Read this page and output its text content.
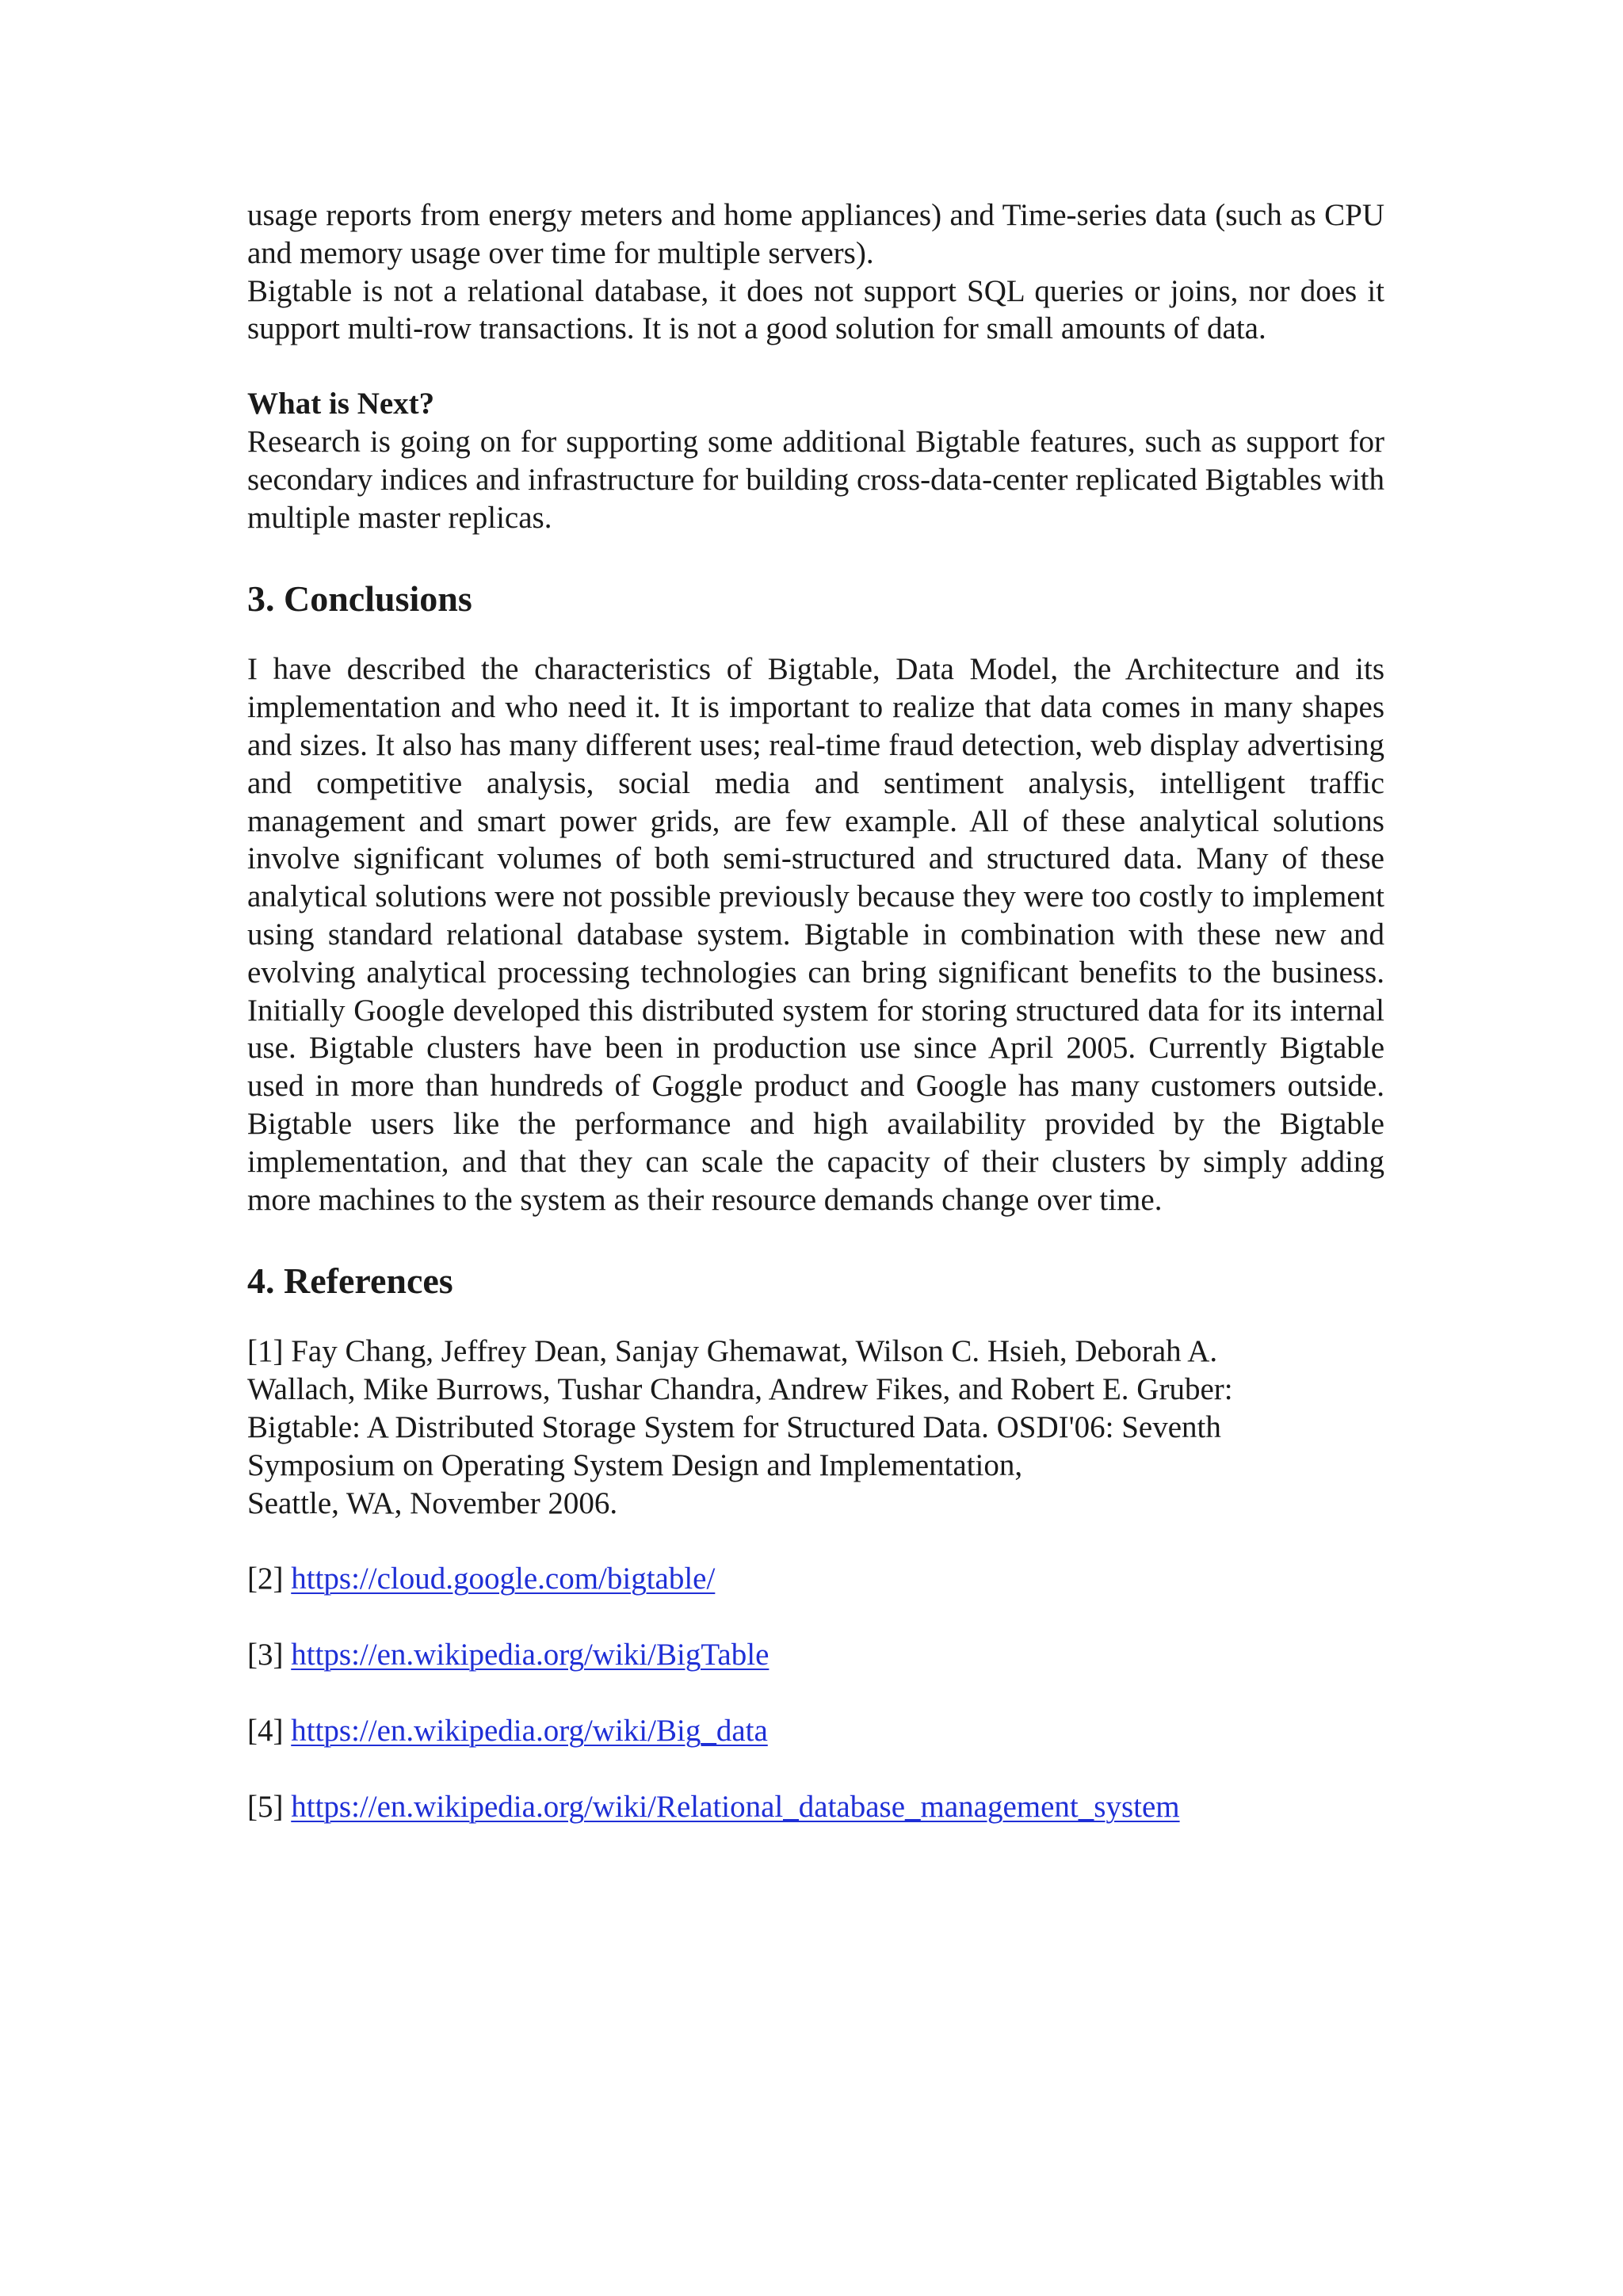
usage reports from energy meters and home appliances) and Time-series data (such as CPU and memory usage over time for multiple servers).

Bigtable is not a relational database, it does not support SQL queries or joins, nor does it support multi-row transactions. It is not a good solution for small amounts of data.

What is Next?

Research is going on for supporting some additional Bigtable features, such as support for secondary indices and infrastructure for building cross-data-center replicated Bigtables with multiple master replicas.

3. Conclusions

I have described the characteristics of Bigtable, Data Model, the Architecture and its implementation and who need it. It is important to realize that data comes in many shapes and sizes. It also has many different uses; real-time fraud detection, web display advertising and competitive analysis, social media and sentiment analysis, intelligent traffic management and smart power grids, are few example. All of these analytical solutions involve significant volumes of both semi-structured and structured data. Many of these analytical solutions were not possible previously because they were too costly to implement using standard relational database system. Bigtable in combination with these new and evolving analytical processing technologies can bring significant benefits to the business. Initially Google developed this distributed system for storing structured data for its internal use. Bigtable clusters have been in production use since April 2005. Currently Bigtable used in more than hundreds of Goggle product and Google has many customers outside. Bigtable users like the performance and high availability provided by the Bigtable implementation, and that they can scale the capacity of their clusters by simply adding more machines to the system as their resource demands change over time.

4. References
[1] Fay Chang, Jeffrey Dean, Sanjay Ghemawat, Wilson C. Hsieh, Deborah A.
Wallach, Mike Burrows, Tushar Chandra, Andrew Fikes, and Robert E. Gruber:
Bigtable: A Distributed Storage System for Structured Data. OSDI'06: Seventh
Symposium on Operating System Design and Implementation,
Seattle, WA, November 2006.

[2] https://cloud.google.com/bigtable/

[3] https://en.wikipedia.org/wiki/BigTable

[4] https://en.wikipedia.org/wiki/Big_data

[5] https://en.wikipedia.org/wiki/Relational_database_management_system
